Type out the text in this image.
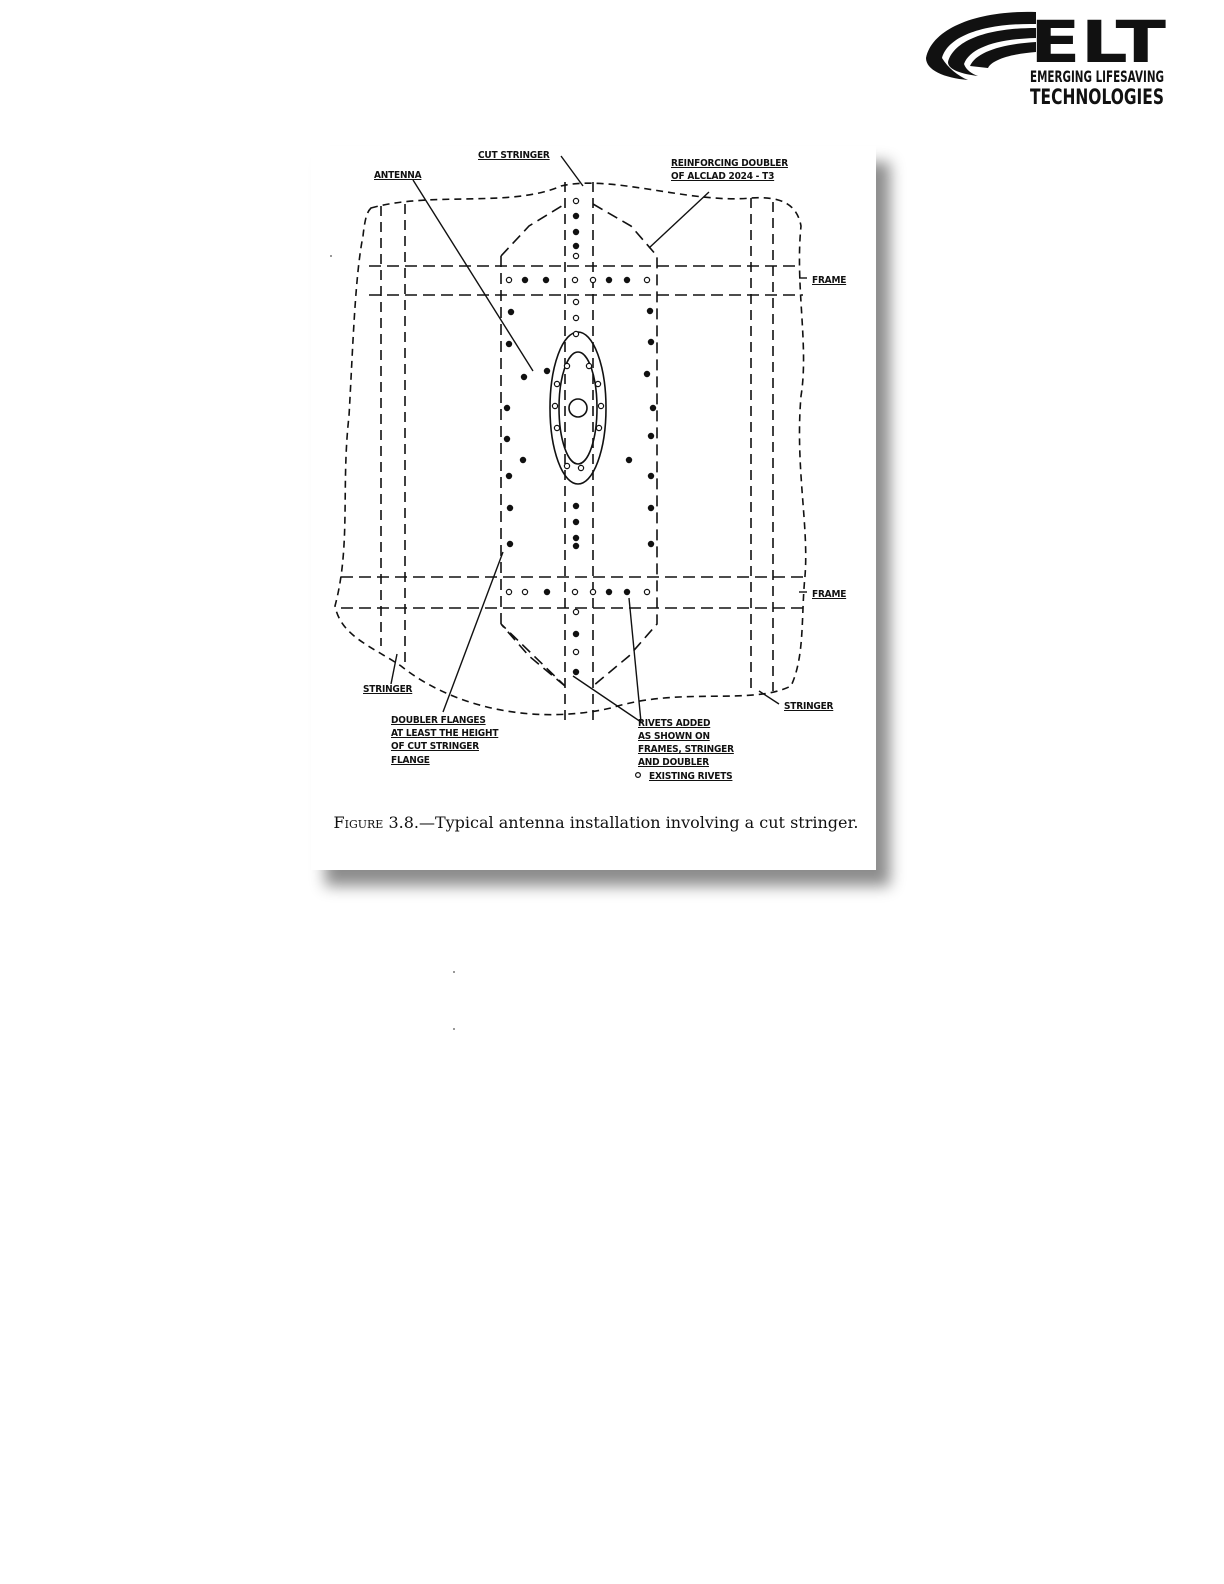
ELT
EMERGING LIFESAVING
TECHNOLOGIES
CUT STRINGER
ANTENNA
REINFORCING DOUBLER
OF ALCLAD 2024 - T3
FRAME
FRAME
STRINGER
STRINGER
DOUBLER FLANGES
AT LEAST THE HEIGHT
OF CUT STRINGER
FLANGE
RIVETS ADDED
AS SHOWN ON
FRAMES, STRINGER
AND DOUBLER
EXISTING RIVETS
Figure 3.8.—Typical antenna installation involving a cut stringer.
